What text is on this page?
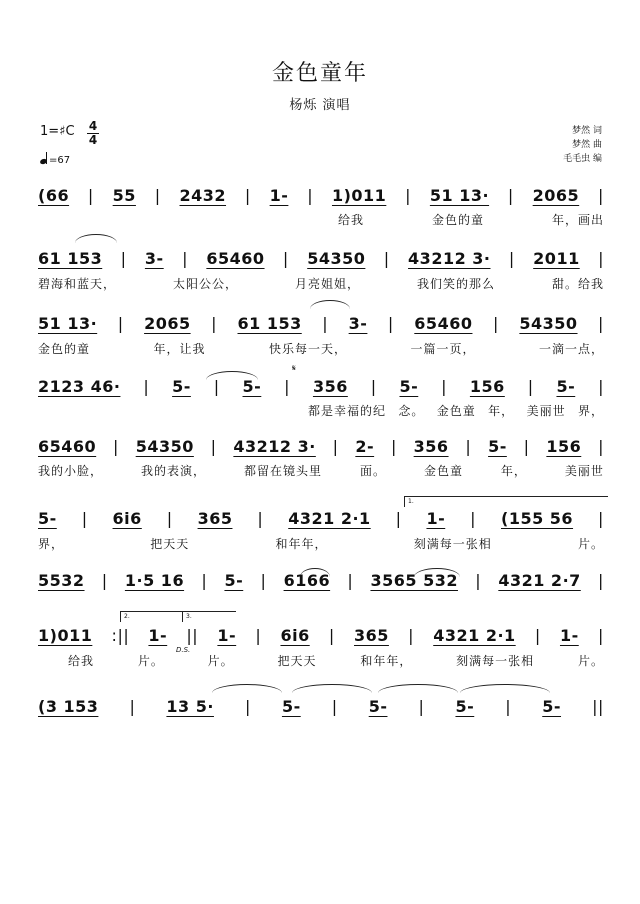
金色童年
杨烁 演唱
1=♯C 4
4
=67
梦然 词
梦然 曲
毛毛虫 编
(66 | 55 | 2432 | 1- | 1)011 | 51 13· | 2065 |
给我	金色的童	年，画出
61 153 | 3- | 65460 | 54350 | 43212 3· | 2011 |
碧海和蓝天，	太阳公公，	月亮姐姐，	我们笑的那么	甜。给我
51 13· | 2065 | 61 153 | 3- | 65460 | 54350 |
金色的童	年，让我	快乐每一天，	一篇一页，	一滴一点，
2123 46· | 5- | 5- | 356 | 5- | 156 | 5- |
都是幸福的纪 念。 金色童 年， 美丽世 界，
65460 | 54350 | 43212 3· | 2- | 356 | 5- | 156 |
我的小脸，	我的表演，	都留在镜头里	面。	金色童	年，	美丽世
5- | 6i6 | 365 | 4321 2·1 | 1- | (155 56 |
界，	把天天	和年年，	刻满每一张相	片。
5532 | 1·5 16 | 5- | 6166 | 3565 532 | 4321 2·7 |
1)011 :|| 1- || 1- | 6i6 | 365 | 4321 2·1 | 1- |
给我	片。	片。	把天天	和年年，	刻满每一张相	片。
(3 153 | 13 5· | 5- | 5- | 5- | 5- ||
1.
2.	3.
𝄋
D.S.
